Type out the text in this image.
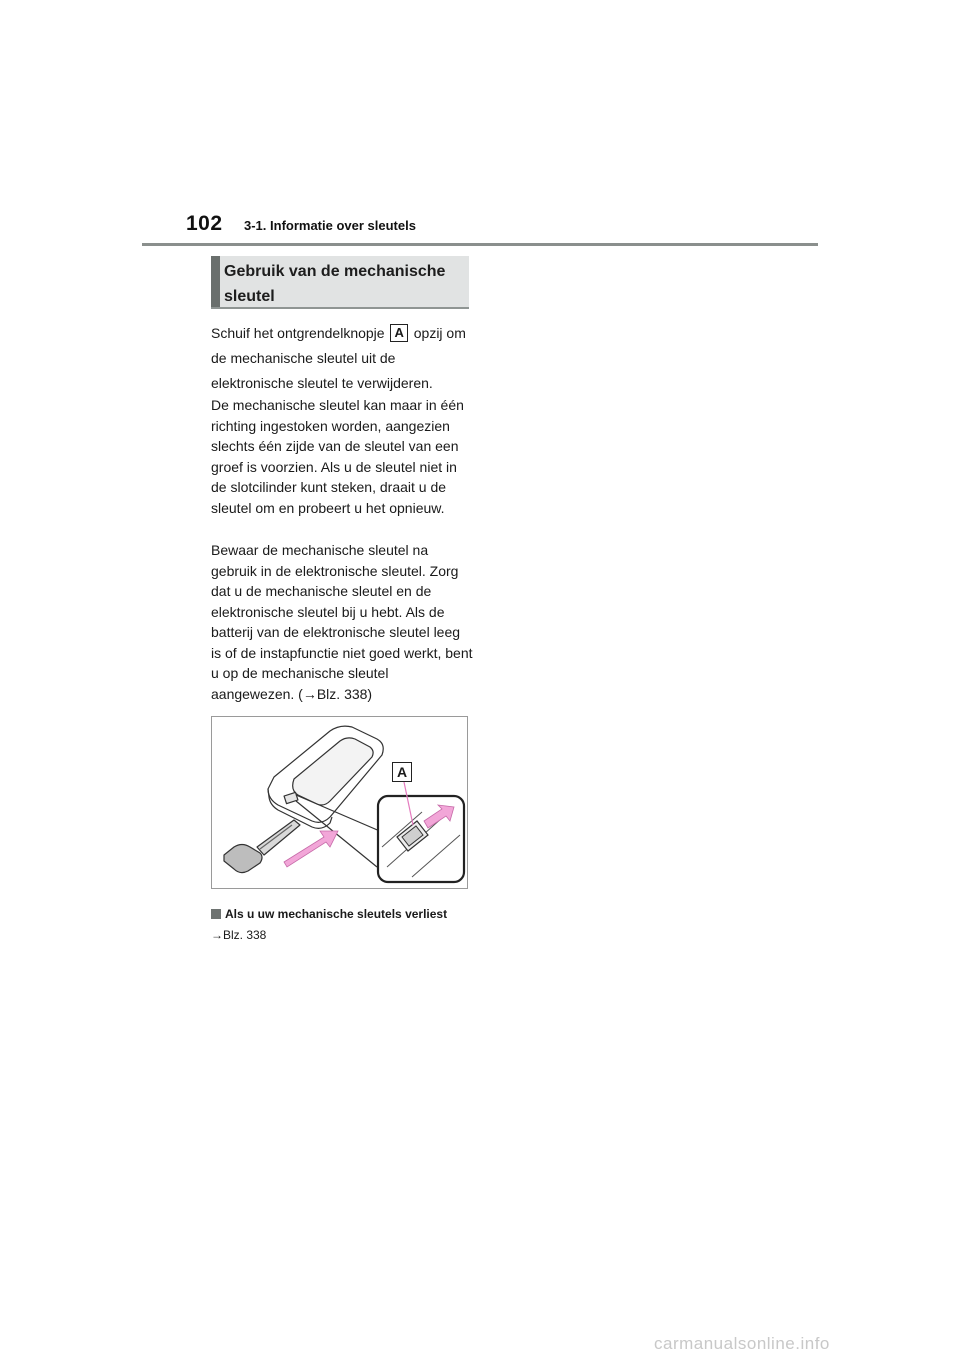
102 3-1. Informatie over sleutels
Gebruik van de mechanische sleutel
Schuif het ontgrendelknopje A opzij om de mechanische sleutel uit de elektronische sleutel te verwijderen.
De mechanische sleutel kan maar in één richting ingestoken worden, aangezien slechts één zijde van de sleutel van een groef is voorzien. Als u de sleutel niet in de slotcilinder kunt steken, draait u de sleutel om en probeert u het opnieuw.
Bewaar de mechanische sleutel na gebruik in de elektronische sleutel. Zorg dat u de mechanische sleutel en de elektronische sleutel bij u hebt. Als de batterij van de elektronische sleutel leeg is of de instapfunctie niet goed werkt, bent u op de mechanische sleutel aangewezen. (→Blz. 338)
A
Als u uw mechanische sleutels verliest
→Blz. 338
carmanualsonline.info
